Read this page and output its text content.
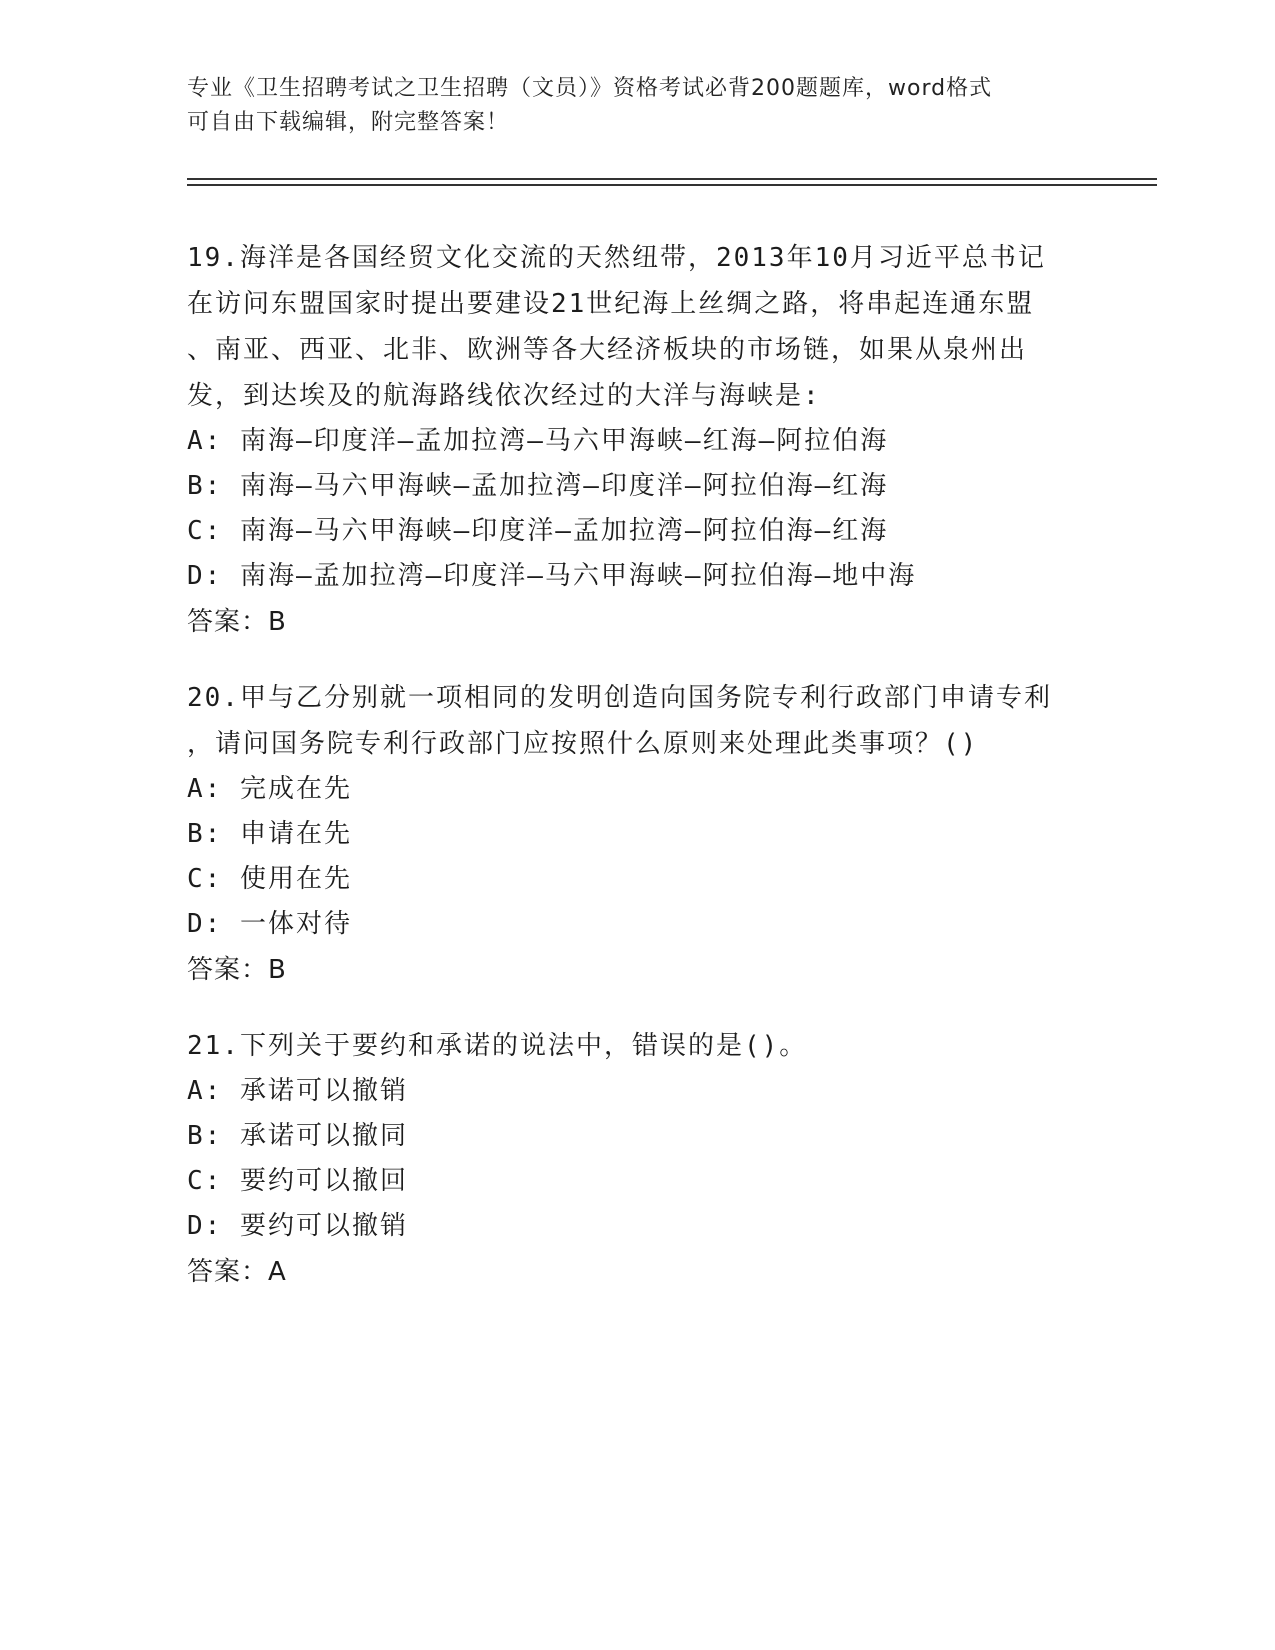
专业《卫生招聘考试之卫生招聘（文员）》资格考试必背200题题库，word格式
可自由下载编辑，附完整答案！
19.海洋是各国经贸文化交流的天然纽带，2013年10月习近平总书记
在访问东盟国家时提出要建设21世纪海上丝绸之路，将串起连通东盟
、南亚、西亚、北非、欧洲等各大经济板块的市场链，如果从泉州出
发，到达埃及的航海路线依次经过的大洋与海峡是:
A: 南海—印度洋—孟加拉湾—马六甲海峡—红海—阿拉伯海
B: 南海—马六甲海峡—孟加拉湾—印度洋—阿拉伯海—红海
C: 南海—马六甲海峡—印度洋—孟加拉湾—阿拉伯海—红海
D: 南海—孟加拉湾—印度洋—马六甲海峡—阿拉伯海—地中海
答案：B
20.甲与乙分别就一项相同的发明创造向国务院专利行政部门申请专利
，请问国务院专利行政部门应按照什么原则来处理此类事项？()
A: 完成在先
B: 申请在先
C: 使用在先
D: 一体对待
答案：B
21.下列关于要约和承诺的说法中，错误的是()。
A: 承诺可以撤销
B: 承诺可以撤同
C: 要约可以撤回
D: 要约可以撤销
答案：A
